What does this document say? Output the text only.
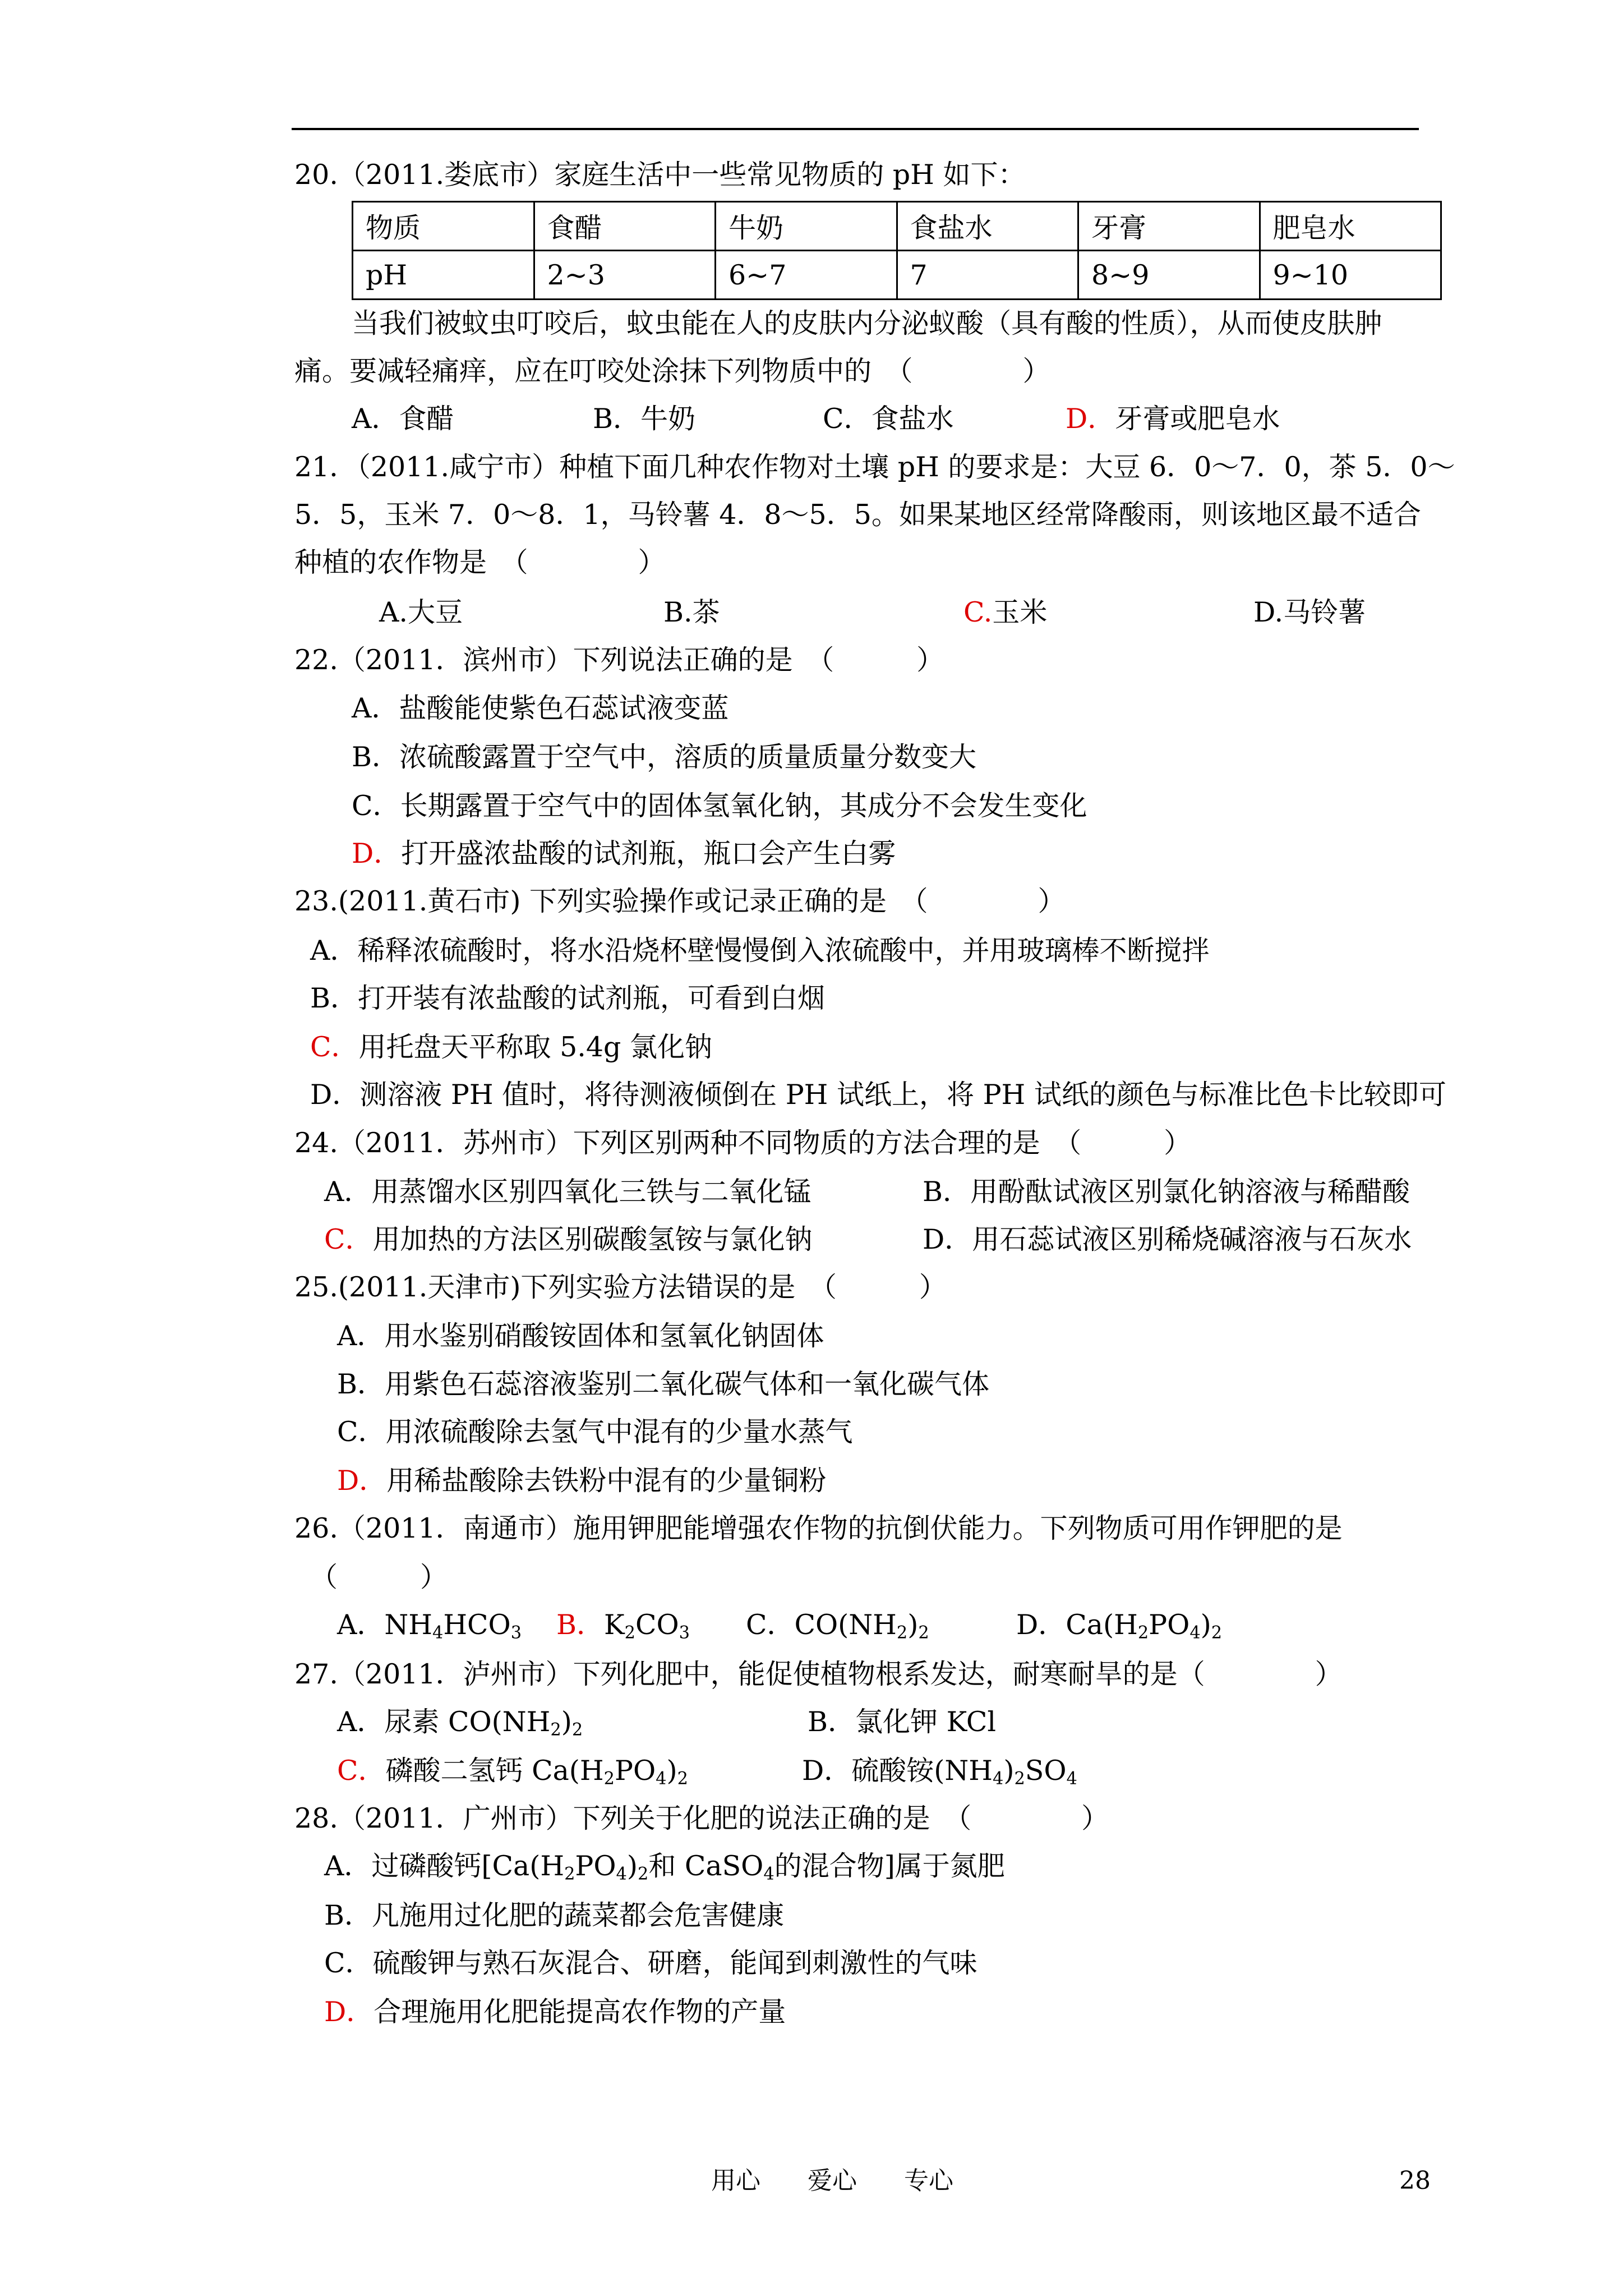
20.（2011.娄底市）家庭生活中一些常见物质的 pH 如下：
物质	食醋	牛奶	食盐水	牙膏	肥皂水
pH	2~3	6~7	7	8~9	9~10
当我们被蚊虫叮咬后，蚊虫能在人的皮肤内分泌蚁酸（具有酸的性质），从而使皮肤肿
痛。要减轻痛痒，应在叮咬处涂抹下列物质中的　（　　　　）
A．食醋	B．牛奶	C．食盐水	D．牙膏或肥皂水
21．（2011.咸宁市）种植下面几种农作物对土壤 pH 的要求是：大豆 6．0～7．0，茶 5．0～
5．5，玉米 7．0～8．1，马铃薯 4．8～5．5。如果某地区经常降酸雨，则该地区最不适合
种植的农作物是　（　　　　）
A.大豆	B.茶	C.玉米	D.马铃薯
22.（2011．滨州市）下列说法正确的是　（　　　）
A．盐酸能使紫色石蕊试液变蓝
B．浓硫酸露置于空气中，溶质的质量质量分数变大
C．长期露置于空气中的固体氢氧化钠，其成分不会发生变化
D．打开盛浓盐酸的试剂瓶，瓶口会产生白雾
23.(2011.黄石市) 下列实验操作或记录正确的是　（　　　　）
A．稀释浓硫酸时，将水沿烧杯壁慢慢倒入浓硫酸中，并用玻璃棒不断搅拌
B．打开装有浓盐酸的试剂瓶，可看到白烟
C．用托盘天平称取 5.4g 氯化钠
D．测溶液 PH 值时，将待测液倾倒在 PH 试纸上，将 PH 试纸的颜色与标准比色卡比较即可
24.（2011．苏州市）下列区别两种不同物质的方法合理的是　（　　　）
A．用蒸馏水区别四氧化三铁与二氧化锰	B．用酚酞试液区别氯化钠溶液与稀醋酸
C．用加热的方法区别碳酸氢铵与氯化钠	D．用石蕊试液区别稀烧碱溶液与石灰水
25.(2011.天津市)下列实验方法错误的是　（　　　）
A．用水鉴别硝酸铵固体和氢氧化钠固体
B．用紫色石蕊溶液鉴别二氧化碳气体和一氧化碳气体
C．用浓硫酸除去氢气中混有的少量水蒸气
D．用稀盐酸除去铁粉中混有的少量铜粉
26.（2011．南通市）施用钾肥能增强农作物的抗倒伏能力。下列物质可用作钾肥的是
（　　　）
A．$NH_4HCO_3$ B．$K_2CO_3$ C．$CO(NH_2)_2$	D．$Ca(H_2PO_4)_2$
27.（2011．泸州市）下列化肥中，能促使植物根系发达，耐寒耐旱的是（　　　　）
A．尿素 $CO(NH_2)_2$	B．氯化钾 KCl
C．磷酸二氢钙 $Ca(H_2PO_4)_2$	D．硫酸铵$(NH_4)_2SO_4$
28.（2011．广州市）下列关于化肥的说法正确的是　（　　　　）
A．过磷酸钙[$Ca(H_2PO_4)_2$和 CaSO$_4$的混合物]属于氮肥
B．凡施用过化肥的蔬菜都会危害健康
C．硫酸钾与熟石灰混合、研磨，能闻到刺激性的气味
D．合理施用化肥能提高农作物的产量
用心 爱心 专心	28
